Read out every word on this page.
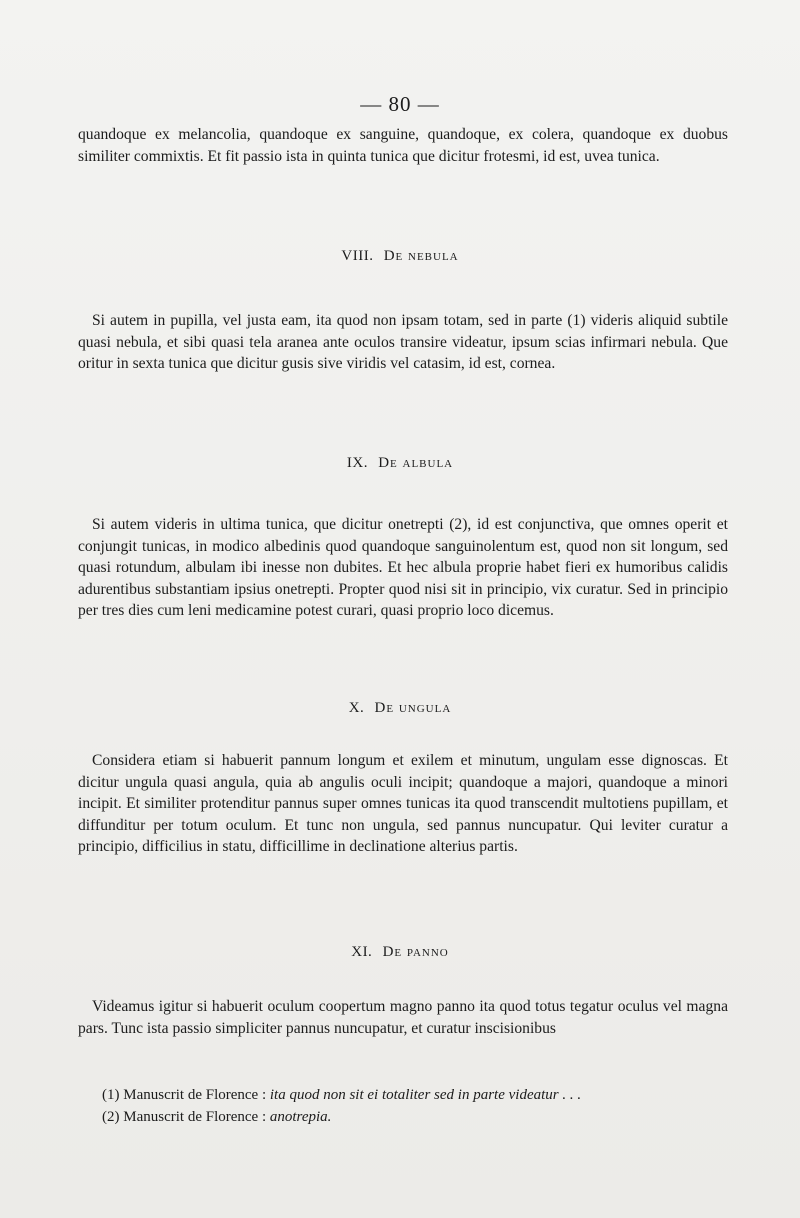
— 80 —

quandoque ex melancolia, quandoque ex sanguine, quandoque, ex colera, quandoque ex duobus similiter commixtis. Et fit passio ista in quinta tunica que dicitur frotesmi, id est, uvea tunica.

VIII. De nebula

Si autem in pupilla, vel justa eam, ita quod non ipsam totam, sed in parte (1) videris aliquid subtile quasi nebula, et sibi quasi tela aranea ante oculos transire videatur, ipsum scias infirmari nebula. Que oritur in sexta tunica que dicitur gusis sive viridis vel catasim, id est, cornea.

IX. De albula

Si autem videris in ultima tunica, que dicitur onetrepti (2), id est conjunctiva, que omnes operit et conjungit tunicas, in modico albedinis quod quandoque sanguinolentum est, quod non sit longum, sed quasi rotundum, albulam ibi inesse non dubites. Et hec albula proprie habet fieri ex humoribus calidis adurentibus substantiam ipsius onetrepti. Propter quod nisi sit in principio, vix curatur. Sed in principio per tres dies cum leni medicamine potest curari, quasi proprio loco dicemus.

X. De ungula

Considera etiam si habuerit pannum longum et exilem et minutum, ungulam esse dignoscas. Et dicitur ungula quasi angula, quia ab angulis oculi incipit; quandoque a majori, quandoque a minori incipit. Et similiter protenditur pannus super omnes tunicas ita quod transcendit multotiens pupillam, et diffunditur per totum oculum. Et tunc non ungula, sed pannus nuncupatur. Qui leviter curatur a principio, difficilius in statu, difficillime in declinatione alterius partis.

XI. De panno

Videamus igitur si habuerit oculum coopertum magno panno ita quod totus tegatur oculus vel magna pars. Tunc ista passio simpliciter pannus nuncupatur, et curatur inscisionibus

(1) Manuscrit de Florence : ita quod non sit ei totaliter sed in parte videatur . . .
(2) Manuscrit de Florence : anotrepia.
